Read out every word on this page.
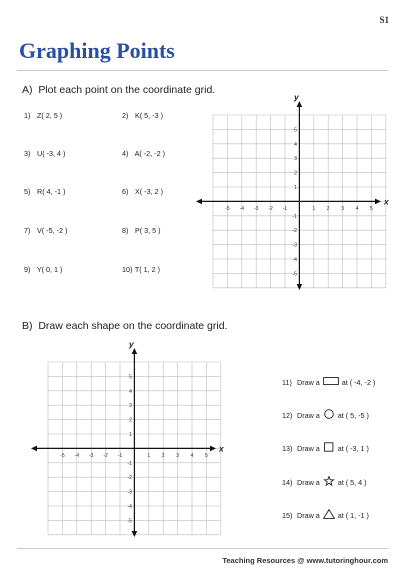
S1
Graphing Points
A) Plot each point on the coordinate grid.
1) Z( 2, 5 )	2) K( 5, -3 )
3) U( -3, 4 )	4) A( -2, -2 )
5) R( 4, -1 )	6) X( -3, 2 )
7) V( -5, -2 )	8) P( 3, 5 )
9) Y( 0, 1 )	10) T( 1, 2 )
x
y
-5 -4 -3 -2 -1	1 2 3 4 5
5
4
3
2
1
-1
-2
-3
-4
-5
B) Draw each shape on the coordinate grid.
x
y
-5 -4 -3 -2 -1	1 2 3 4 5
5
4
3
2
1
-1
-2
-3
-4
-5
11) Draw a	at ( -4, -2 )
12) Draw a	at ( 5, -5 )
13) Draw a	at ( -3, 1 )
14) Draw a	at ( 5, 4 )
15) Draw a	at ( 1, -1 )
Teaching Resources @ www.tutoringhour.com
